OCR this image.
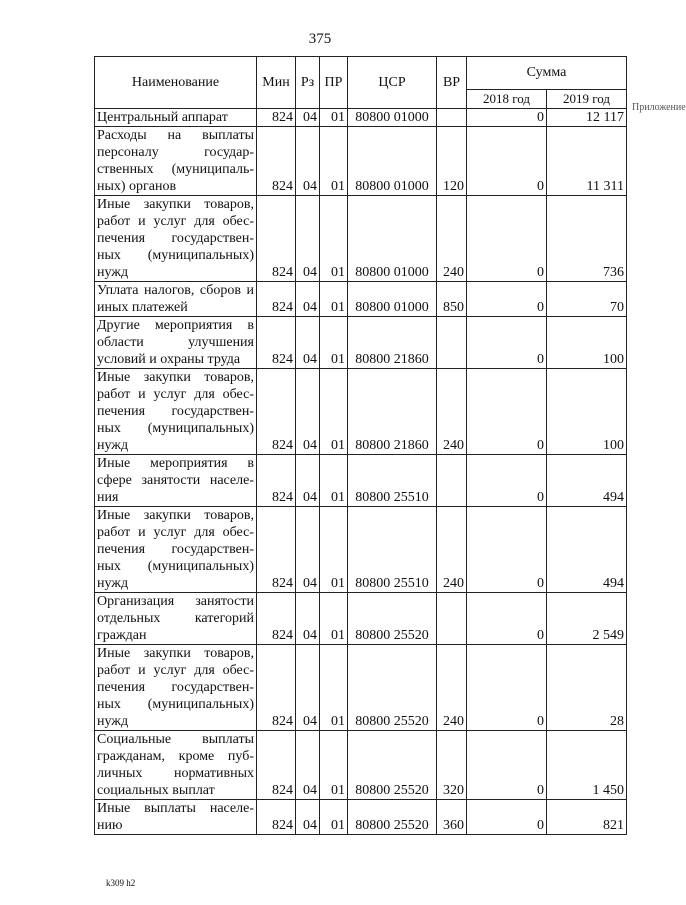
375
Наименование	Мин	Рз	ПР	ЦСР	ВР	Сумма	
						2018 год	2019 год
Центральный аппарат	824	04	01	80800 01000		0	12 117
Расходы на выплаты персоналу государ-ственных (муниципаль-ных) органов	824	04	01	80800 01000	120	0	11 311
Иные закупки товаров, работ и услуг для обес-печения государствен-ных (муниципальных) нужд	824	04	01	80800 01000	240	0	736
Уплата налогов, сборов и иных платежей	824	04	01	80800 01000	850	0	70
Другие мероприятия в области улучшения условий и охраны труда	824	04	01	80800 21860		0	100
Иные закупки товаров, работ и услуг для обес-печения государствен-ных (муниципальных) нужд	824	04	01	80800 21860	240	0	100
Иные мероприятия в сфере занятости населе-ния	824	04	01	80800 25510		0	494
Иные закупки товаров, работ и услуг для обес-печения государствен-ных (муниципальных) нужд	824	04	01	80800 25510	240	0	494
Организация занятости отдельных категорий граждан	824	04	01	80800 25520		0	2 549
Иные закупки товаров, работ и услуг для обес-печения государствен-ных (муниципальных) нужд	824	04	01	80800 25520	240	0	28
Социальные выплаты гражданам, кроме пуб-личных нормативных социальных выплат	824	04	01	80800 25520	320	0	1 450
Иные выплаты населе-нию	824	04	01	80800 25520	360	0	821
Приложение
k309 h2
